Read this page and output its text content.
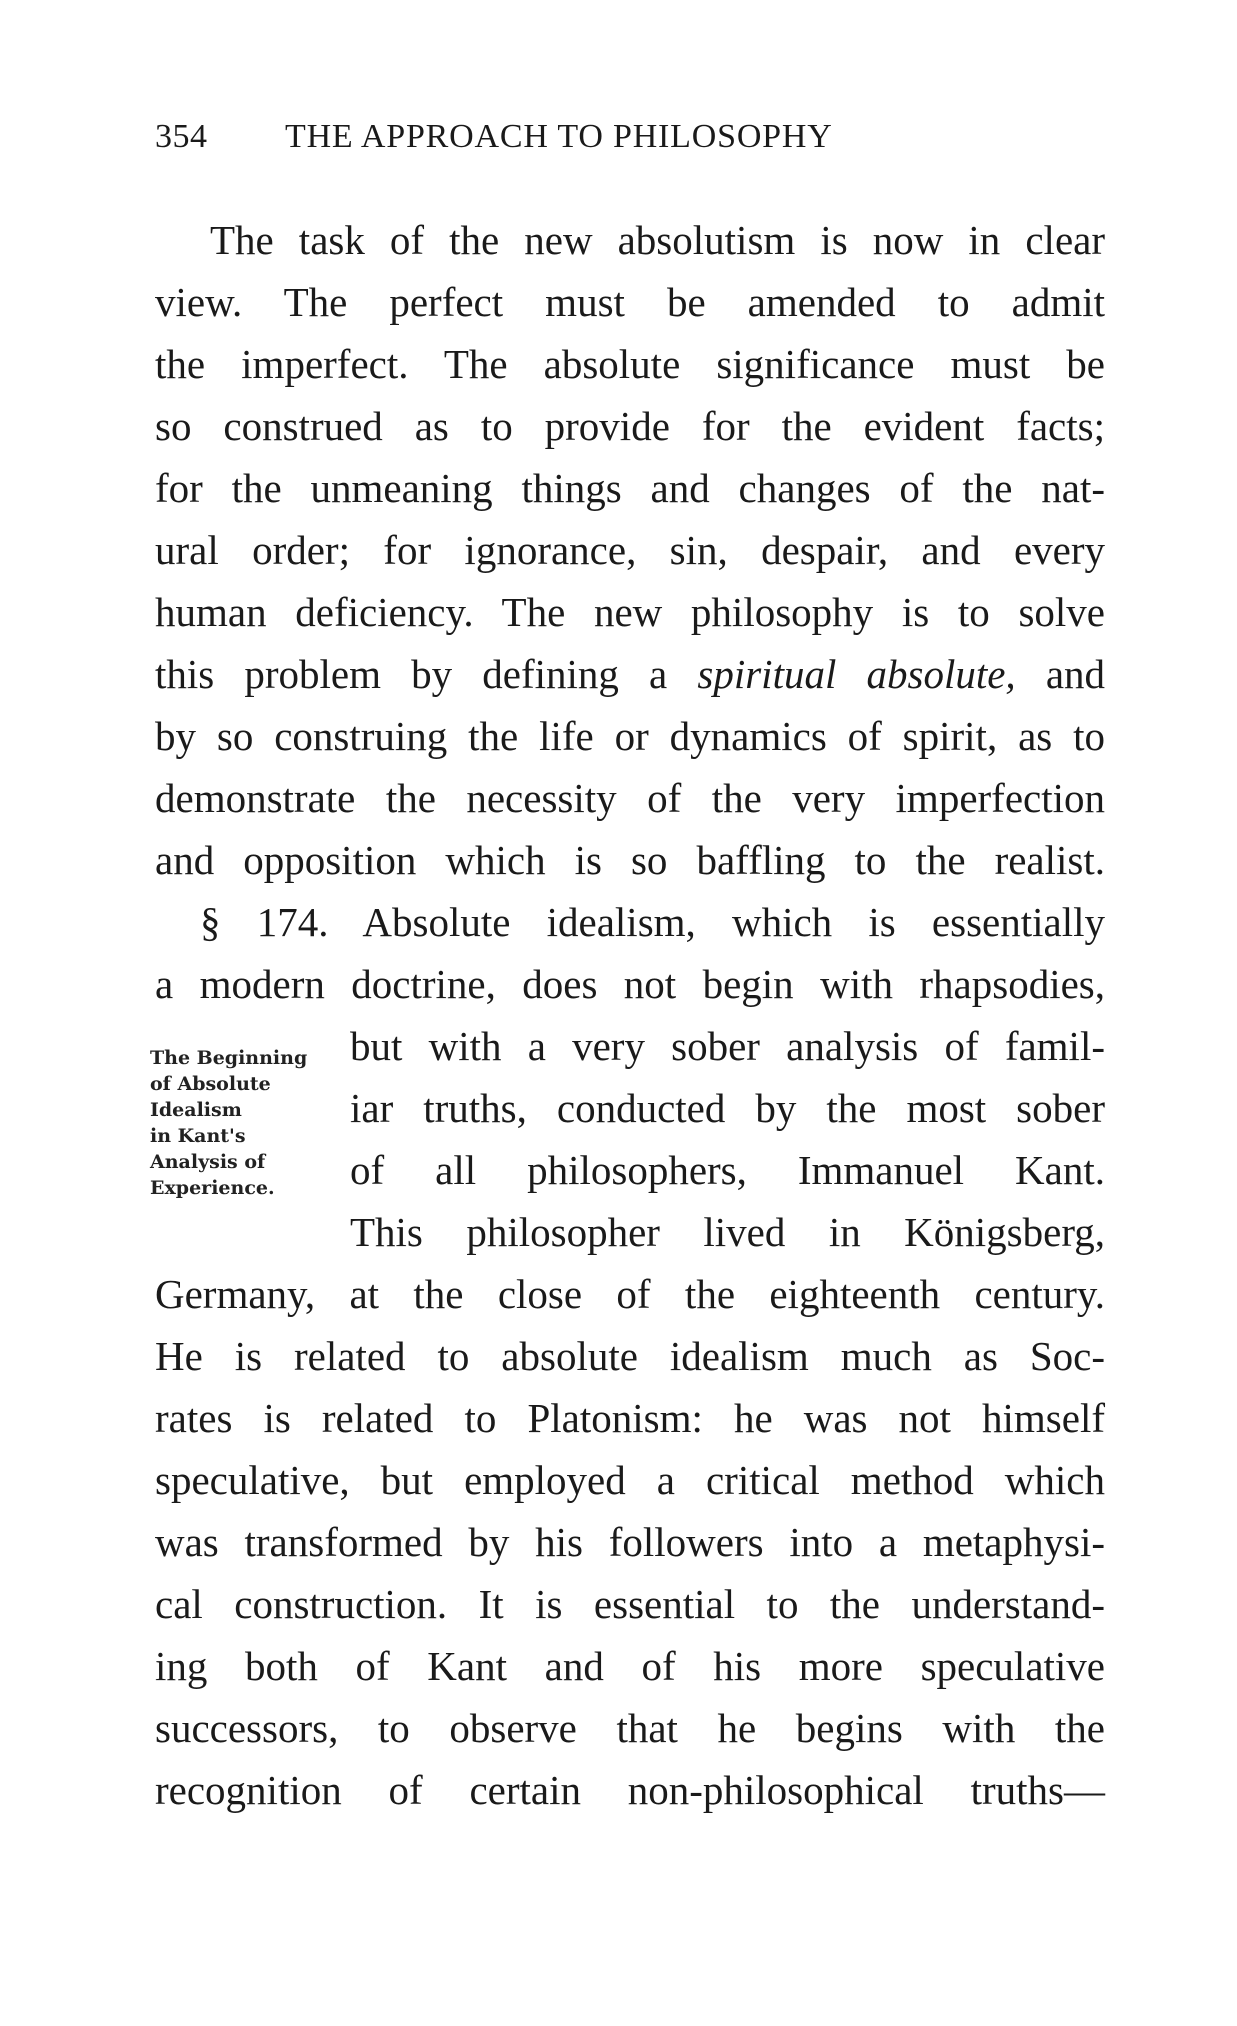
354 THE APPROACH TO PHILOSOPHY
The Beginning
of Absolute
Idealism
in Kant's
Analysis of
Experience.
The task of the new absolutism is now in clear
view. The perfect must be amended to admit
the imperfect. The absolute significance must be
so construed as to provide for the evident facts;
for the unmeaning things and changes of the nat-
ural order; for ignorance, sin, despair, and every
human deficiency. The new philosophy is to solve
this problem by defining a spiritual absolute, and
by so construing the life or dynamics of spirit, as to
demonstrate the necessity of the very imperfection
and opposition which is so baffling to the realist.
§ 174. Absolute idealism, which is essentially
a modern doctrine, does not begin with rhapsodies,
but with a very sober analysis of famil-
iar truths, conducted by the most sober
of all philosophers, Immanuel Kant.
This philosopher lived in Königsberg,
Germany, at the close of the eighteenth century.
He is related to absolute idealism much as Soc-
rates is related to Platonism: he was not himself
speculative, but employed a critical method which
was transformed by his followers into a metaphysi-
cal construction. It is essential to the understand-
ing both of Kant and of his more speculative
successors, to observe that he begins with the
recognition of certain non-philosophical truths—
